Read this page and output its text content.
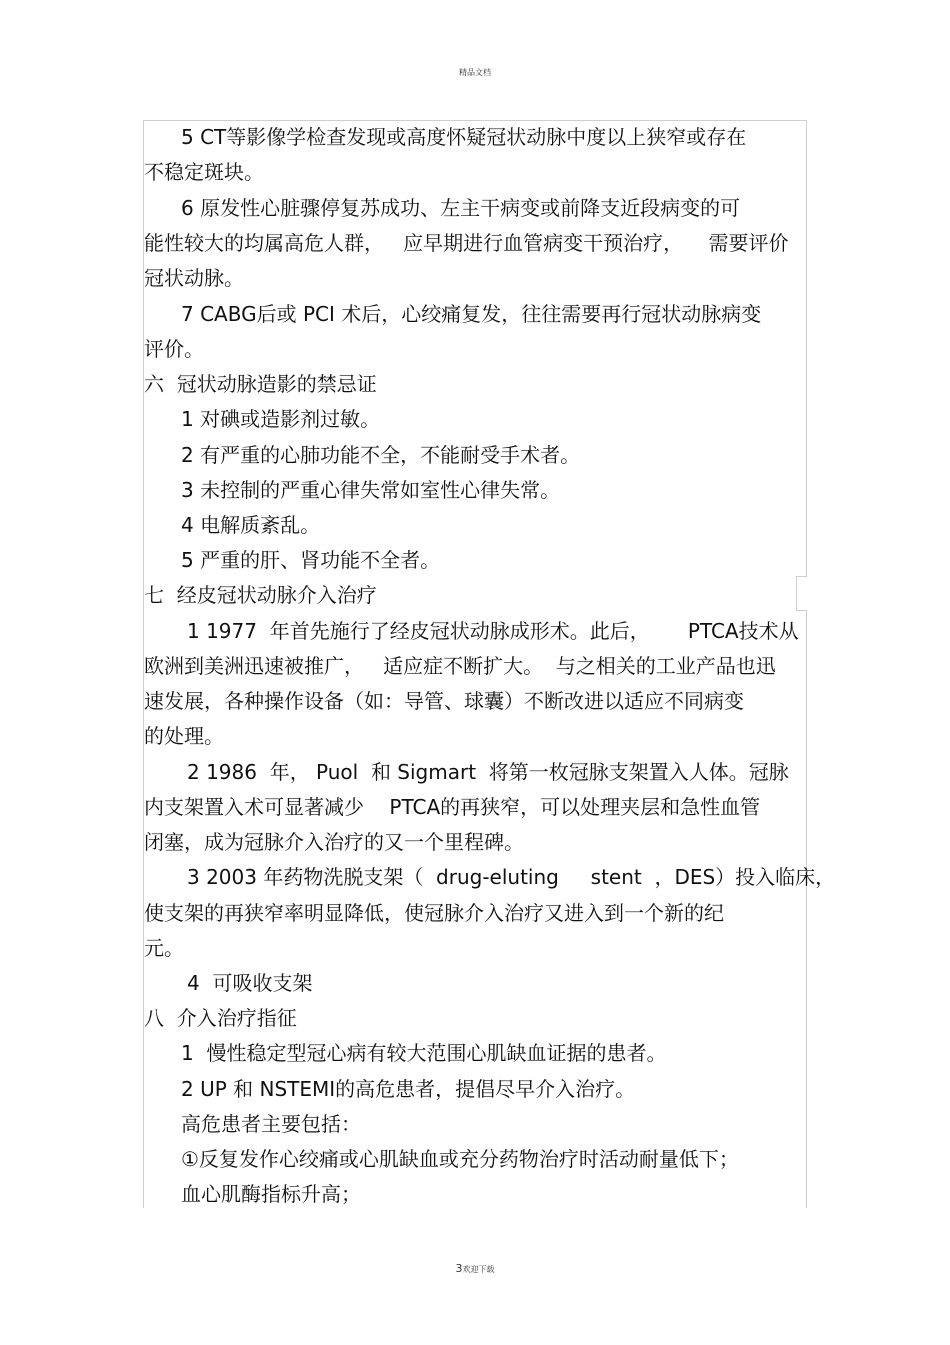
精品文档
5 CT等影像学检查发现或高度怀疑冠状动脉中度以上狭窄或存在
不稳定斑块。
6 原发性心脏骤停复苏成功、左主干病变或前降支近段病变的可
能性较大的均属高危人群，   应早期进行血管病变干预治疗，    需要评价
冠状动脉。
7 CABG后或 PCI 术后，心绞痛复发，往往需要再行冠状动脉病变
评价。
六  冠状动脉造影的禁忌证
1 对碘或造影剂过敏。
2 有严重的心肺功能不全，不能耐受手术者。
3 未控制的严重心律失常如室性心律失常。
4 电解质紊乱。
5 严重的肝、肾功能不全者。
七  经皮冠状动脉介入治疗
1 1977  年首先施行了经皮冠状动脉成形术。此后，      PTCA技术从
欧洲到美洲迅速被推广，   适应症不断扩大。  与之相关的工业产品也迅
速发展，各种操作设备（如：导管、球囊）不断改进以适应不同病变
的处理。
2 1986  年， Puol  和 Sigmart  将第一枚冠脉支架置入人体。冠脉
内支架置入术可显著减少    PTCA的再狭窄，可以处理夹层和急性血管
闭塞，成为冠脉介入治疗的又一个里程碑。
3 2003 年药物洗脱支架（  drug-eluting     stent  ，DES）投入临床，
使支架的再狭窄率明显降低，使冠脉介入治疗又进入到一个新的纪
元。
4  可吸收支架
八  介入治疗指征
1  慢性稳定型冠心病有较大范围心肌缺血证据的患者。
2 UP 和 NSTEMI的高危患者，提倡尽早介入治疗。
高危患者主要包括：
①反复发作心绞痛或心肌缺血或充分药物治疗时活动耐量低下；
血心肌酶指标升高；
3欢迎下载
